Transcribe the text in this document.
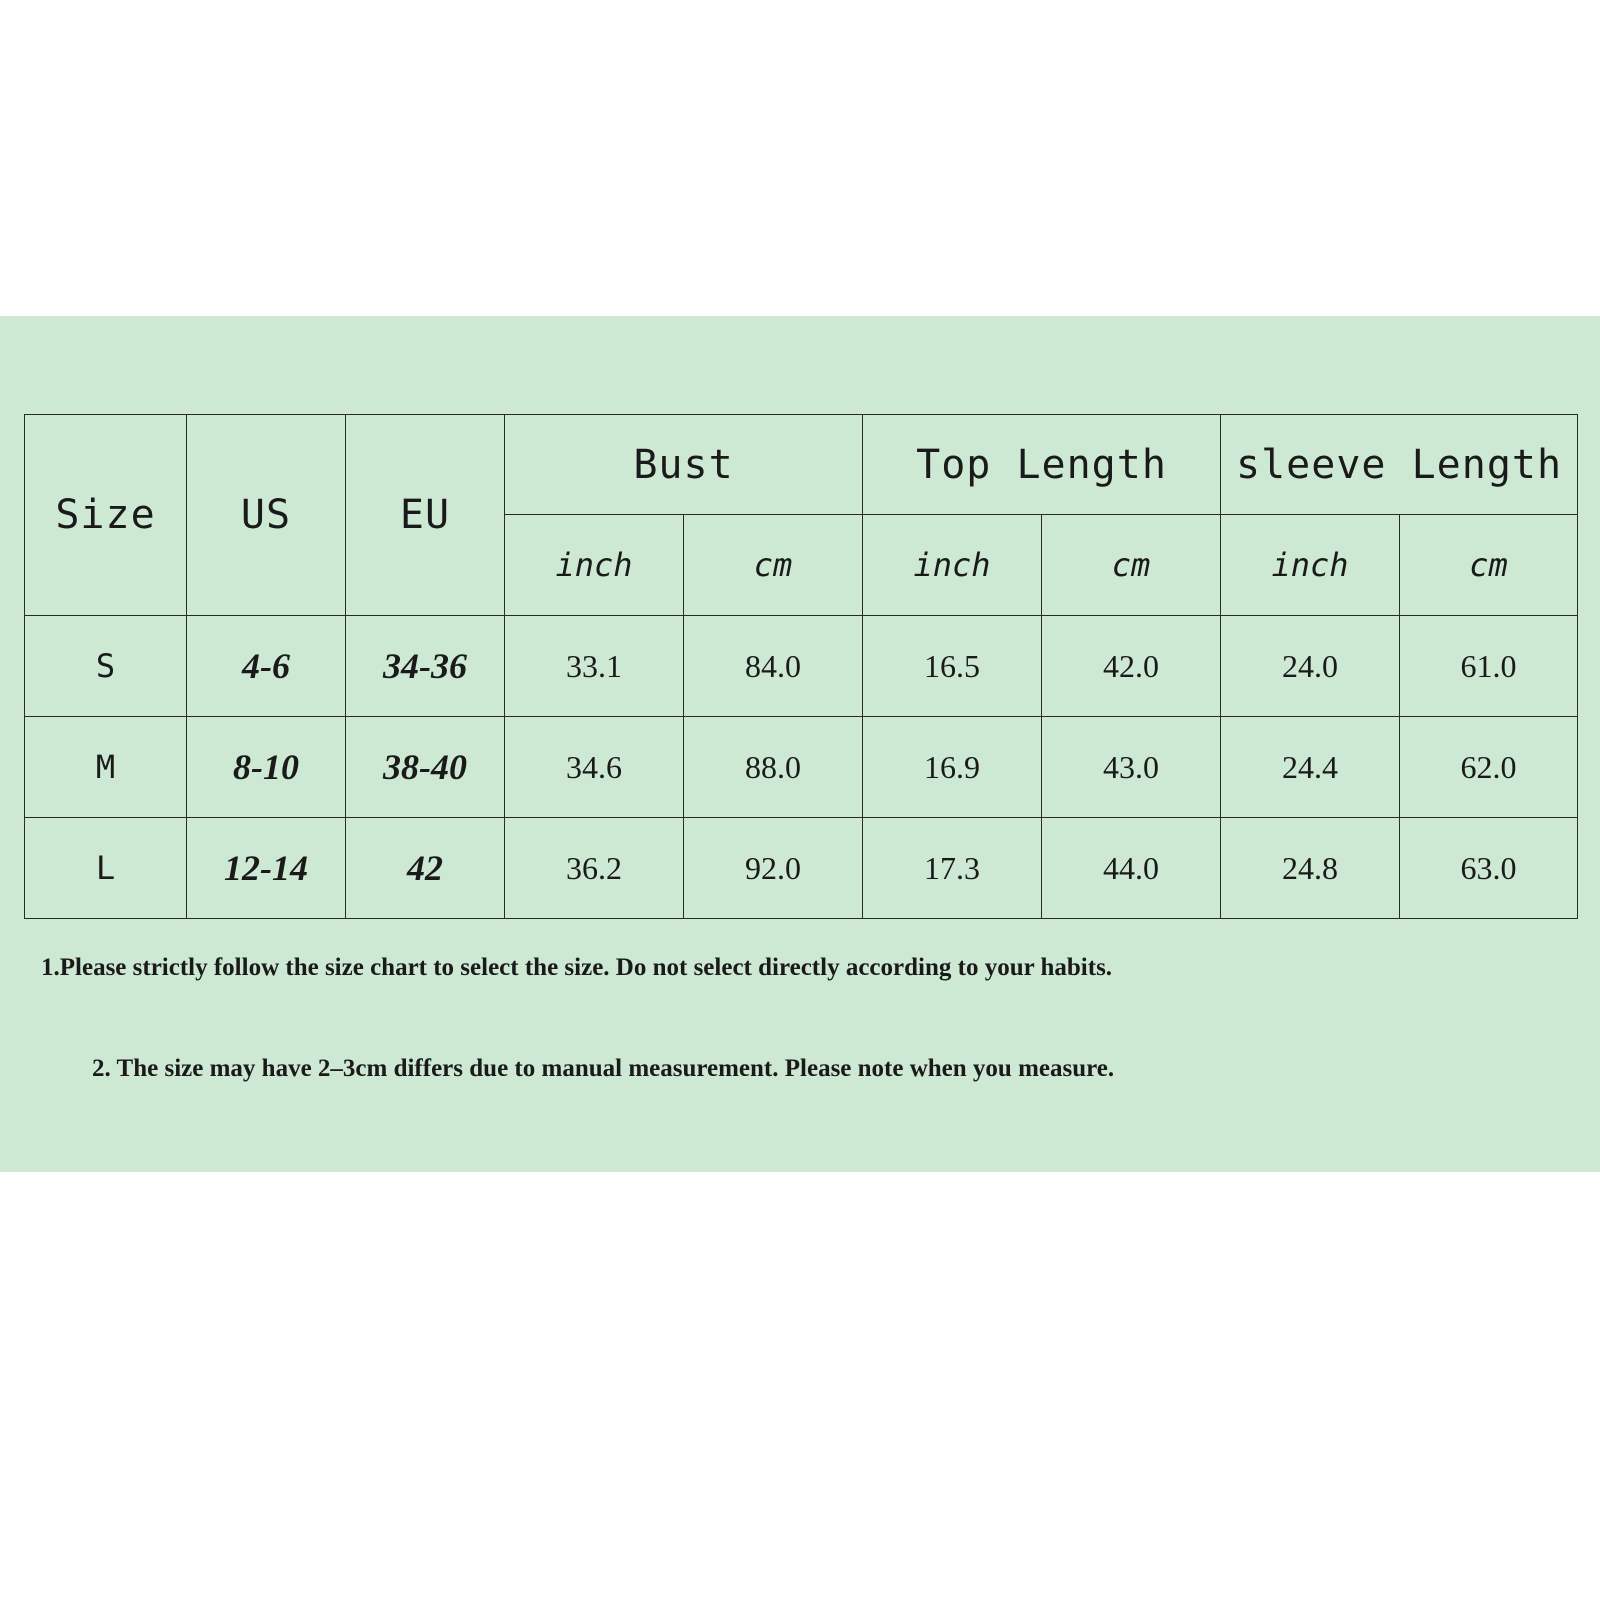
Size	US	EU	Bust		Top Length		sleeve Length	
			inch	cm	inch	cm	inch	cm
S	4-6	34-36	33.1	84.0	16.5	42.0	24.0	61.0
M	8-10	38-40	34.6	88.0	16.9	43.0	24.4	62.0
L	12-14	42	36.2	92.0	17.3	44.0	24.8	63.0
1.Please strictly follow the size chart to select the size. Do not select directly according to your habits.
2. The size may have 2–3cm differs due to manual measurement. Please note when you measure.
